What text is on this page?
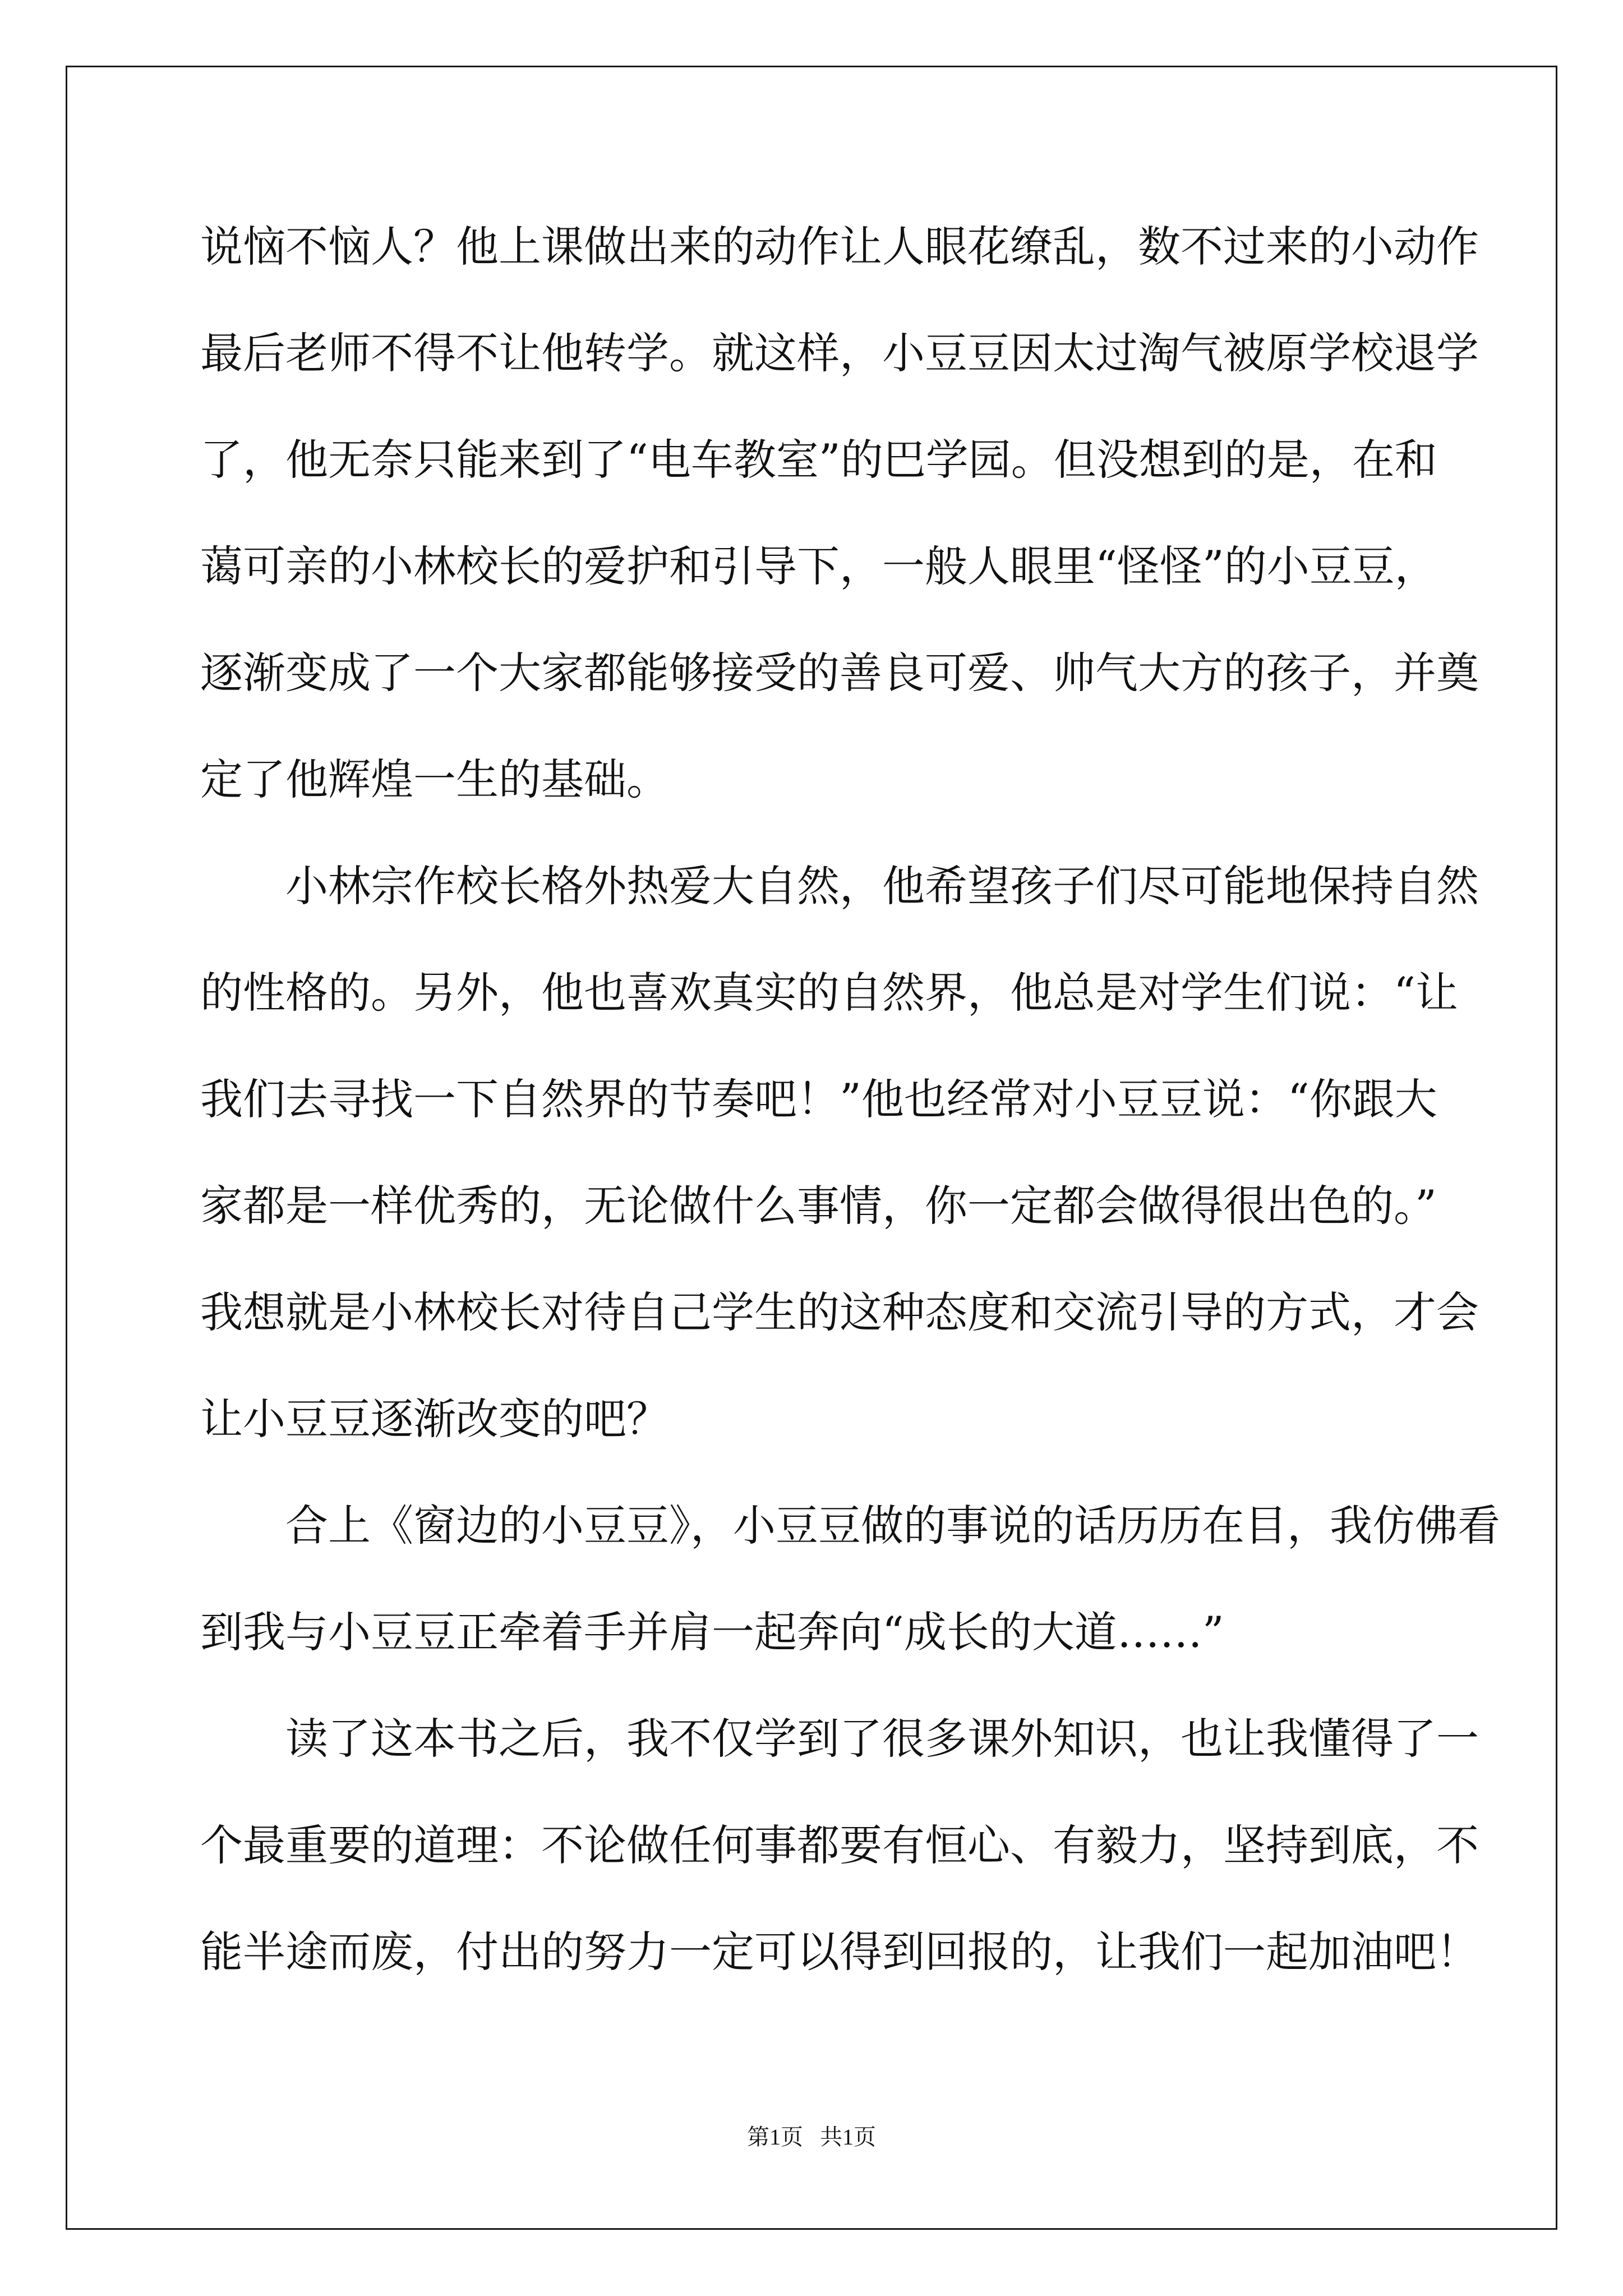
说恼不恼人？他上课做出来的动作让人眼花缭乱，数不过来的小动作
最后老师不得不让他转学。就这样，小豆豆因太过淘气被原学校退学
了，他无奈只能来到了“电车教室”的巴学园。但没想到的是，在和
蔼可亲的小林校长的爱护和引导下，一般人眼里“怪怪”的小豆豆，
逐渐变成了一个大家都能够接受的善良可爱、帅气大方的孩子，并奠
定了他辉煌一生的基础。
　　小林宗作校长格外热爱大自然，他希望孩子们尽可能地保持自然
的性格的。另外，他也喜欢真实的自然界，他总是对学生们说：“让
我们去寻找一下自然界的节奏吧！”他也经常对小豆豆说：“你跟大
家都是一样优秀的，无论做什么事情，你一定都会做得很出色的。”
我想就是小林校长对待自己学生的这种态度和交流引导的方式，才会
让小豆豆逐渐改变的吧？
　　合上《窗边的小豆豆》，小豆豆做的事说的话历历在目，我仿佛看
到我与小豆豆正牵着手并肩一起奔向“成长的大道……”
　　读了这本书之后，我不仅学到了很多课外知识，也让我懂得了一
个最重要的道理：不论做任何事都要有恒心、有毅力，坚持到底，不
能半途而废，付出的努力一定可以得到回报的，让我们一起加油吧！
第1页 共1页
